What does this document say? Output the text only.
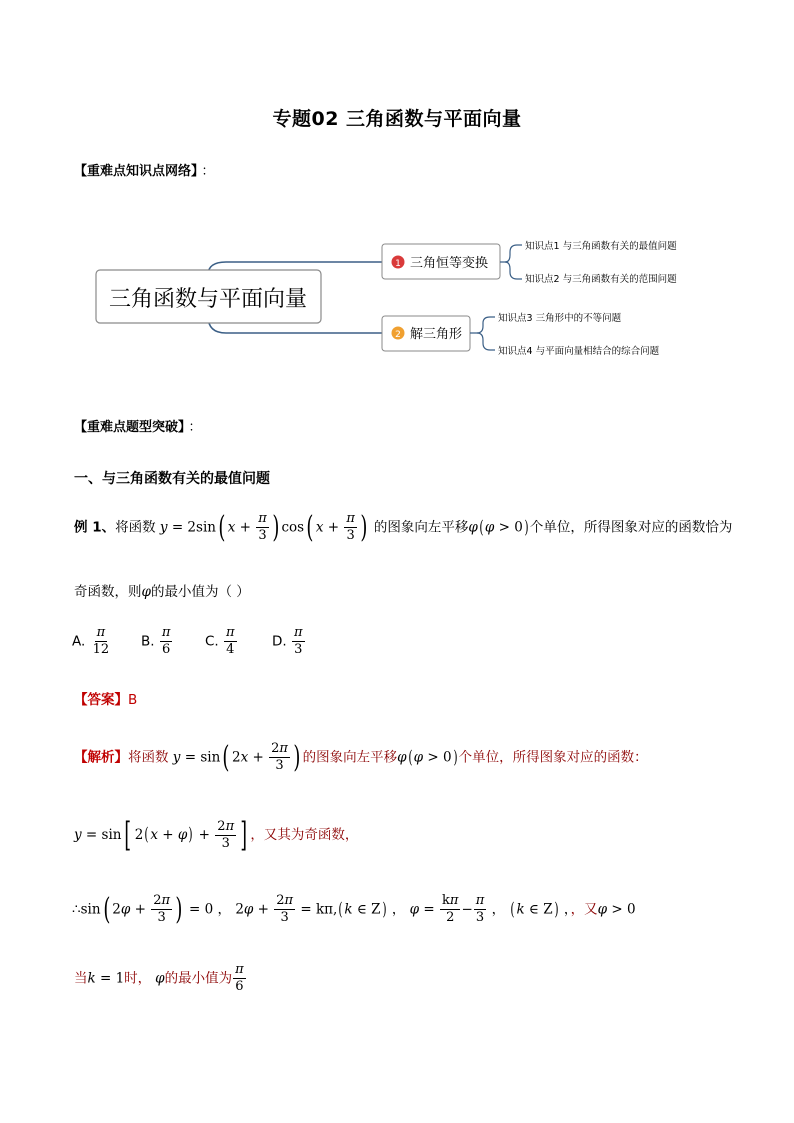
专题02 三角函数与平面向量
【重难点知识点网络】 ：
三角函数与平面向量
1 三角恒等变换
知识点1 与三角函数有关的最值问题
知识点2 与三角函数有关的范围问题
2 解三角形
知识点3 三角形中的不等问题
知识点4 与平面向量相结合的综合问题
【重难点题型突破】 ：
一、与三角函数有关的最值问题
例 1、将函数 y = 2sin( $x + \frac{\pi}{3}$ ) cos( $x + \frac{\pi}{3}$ ) 的图象向左平移φ(φ > 0)个单位，所得图象对应的函数恰为
奇函数，则φ的最小值为（ ）
A. $\frac{\pi}{12} B$. $\frac{\pi}{6} C$. $\frac{\pi}{4}$	D. $\frac{\pi}{3}$
【答案】B
【解析】将函数 y = sin( $2x + \frac{2\pi}{3}$ ) 的图象向左平移φ(φ > 0)个单位，所得图象对应的函数：
y = sin[ $2(x + \varphi) + \frac{2\pi}{3}$ ] ，又其为奇函数，
∴sin( $2\varphi + \frac{2\pi}{3}$ ) = 0 ， $2\varphi + \frac{2\pi}{3} = k\pi,(k$ ∈ Z) ， $\varphi = \frac{k\pi}{2} - \frac{\pi}{3}$ ， (k ∈ Z) ，，又φ > 0
当k = 1时， φ的最小值为 $\frac{\pi}{6}$
